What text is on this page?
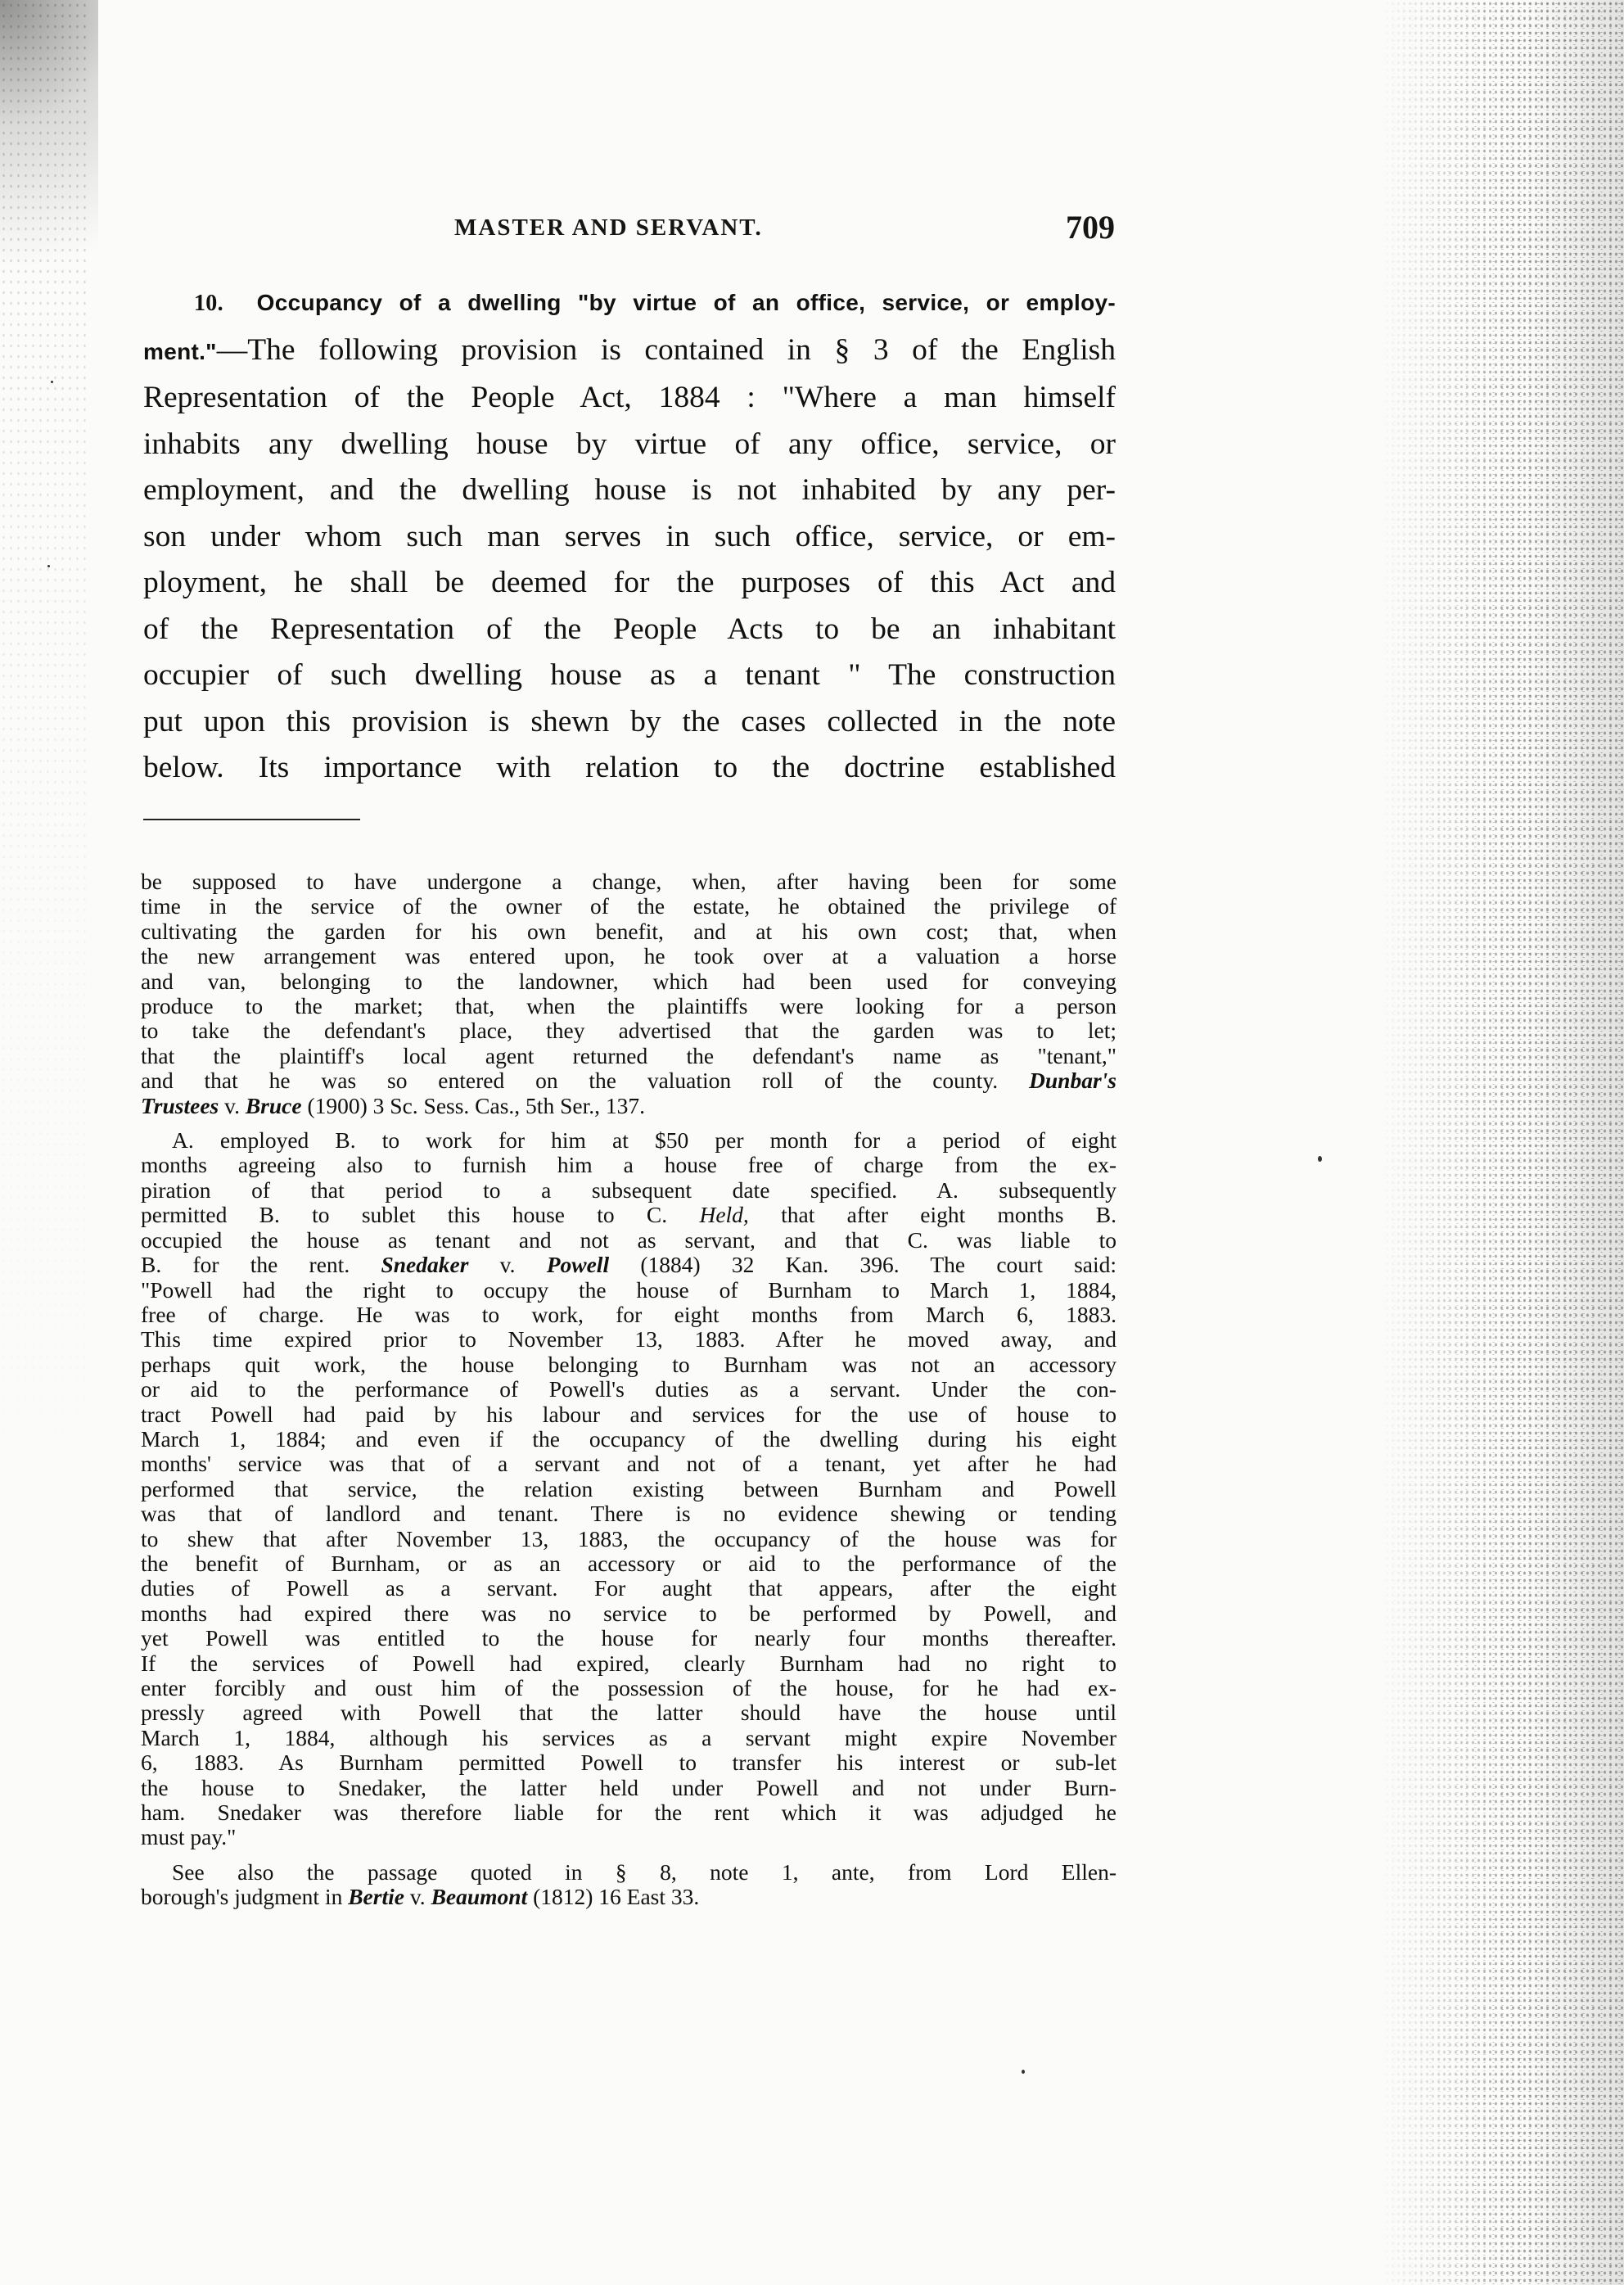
MASTER AND SERVANT.	709
10. Occupancy of a dwelling "by virtue of an office, service, or employ-
ment."—The following provision is contained in § 3 of the English
Representation of the People Act, 1884 : "Where a man himself
inhabits any dwelling house by virtue of any office, service, or
employment, and the dwelling house is not inhabited by any per-
son under whom such man serves in such office, service, or em-
ployment, he shall be deemed for the purposes of this Act and
of the Representation of the People Acts to be an inhabitant
occupier of such dwelling house as a tenant " The construction
put upon this provision is shewn by the cases collected in the note
below. Its importance with relation to the doctrine established
be supposed to have undergone a change, when, after having been for some
time in the service of the owner of the estate, he obtained the privilege of
cultivating the garden for his own benefit, and at his own cost; that, when
the new arrangement was entered upon, he took over at a valuation a horse
and van, belonging to the landowner, which had been used for conveying
produce to the market; that, when the plaintiffs were looking for a person
to take the defendant's place, they advertised that the garden was to let;
that the plaintiff's local agent returned the defendant's name as "tenant,"
and that he was so entered on the valuation roll of the county. Dunbar's
Trustees v. Bruce (1900) 3 Sc. Sess. Cas., 5th Ser., 137.
A. employed B. to work for him at $50 per month for a period of eight
months agreeing also to furnish him a house free of charge from the ex-
piration of that period to a subsequent date specified. A. subsequently
permitted B. to sublet this house to C. Held, that after eight months B.
occupied the house as tenant and not as servant, and that C. was liable to
B. for the rent. Snedaker v. Powell (1884) 32 Kan. 396. The court said:
"Powell had the right to occupy the house of Burnham to March 1, 1884,
free of charge. He was to work, for eight months from March 6, 1883.
This time expired prior to November 13, 1883. After he moved away, and
perhaps quit work, the house belonging to Burnham was not an accessory
or aid to the performance of Powell's duties as a servant. Under the con-
tract Powell had paid by his labour and services for the use of house to
March 1, 1884; and even if the occupancy of the dwelling during his eight
months' service was that of a servant and not of a tenant, yet after he had
performed that service, the relation existing between Burnham and Powell
was that of landlord and tenant. There is no evidence shewing or tending
to shew that after November 13, 1883, the occupancy of the house was for
the benefit of Burnham, or as an accessory or aid to the performance of the
duties of Powell as a servant. For aught that appears, after the eight
months had expired there was no service to be performed by Powell, and
yet Powell was entitled to the house for nearly four months thereafter.
If the services of Powell had expired, clearly Burnham had no right to
enter forcibly and oust him of the possession of the house, for he had ex-
pressly agreed with Powell that the latter should have the house until
March 1, 1884, although his services as a servant might expire November
6, 1883. As Burnham permitted Powell to transfer his interest or sub-let
the house to Snedaker, the latter held under Powell and not under Burn-
ham. Snedaker was therefore liable for the rent which it was adjudged he
must pay."
See also the passage quoted in § 8, note 1, ante, from Lord Ellen-
borough's judgment in Bertie v. Beaumont (1812) 16 East 33.
